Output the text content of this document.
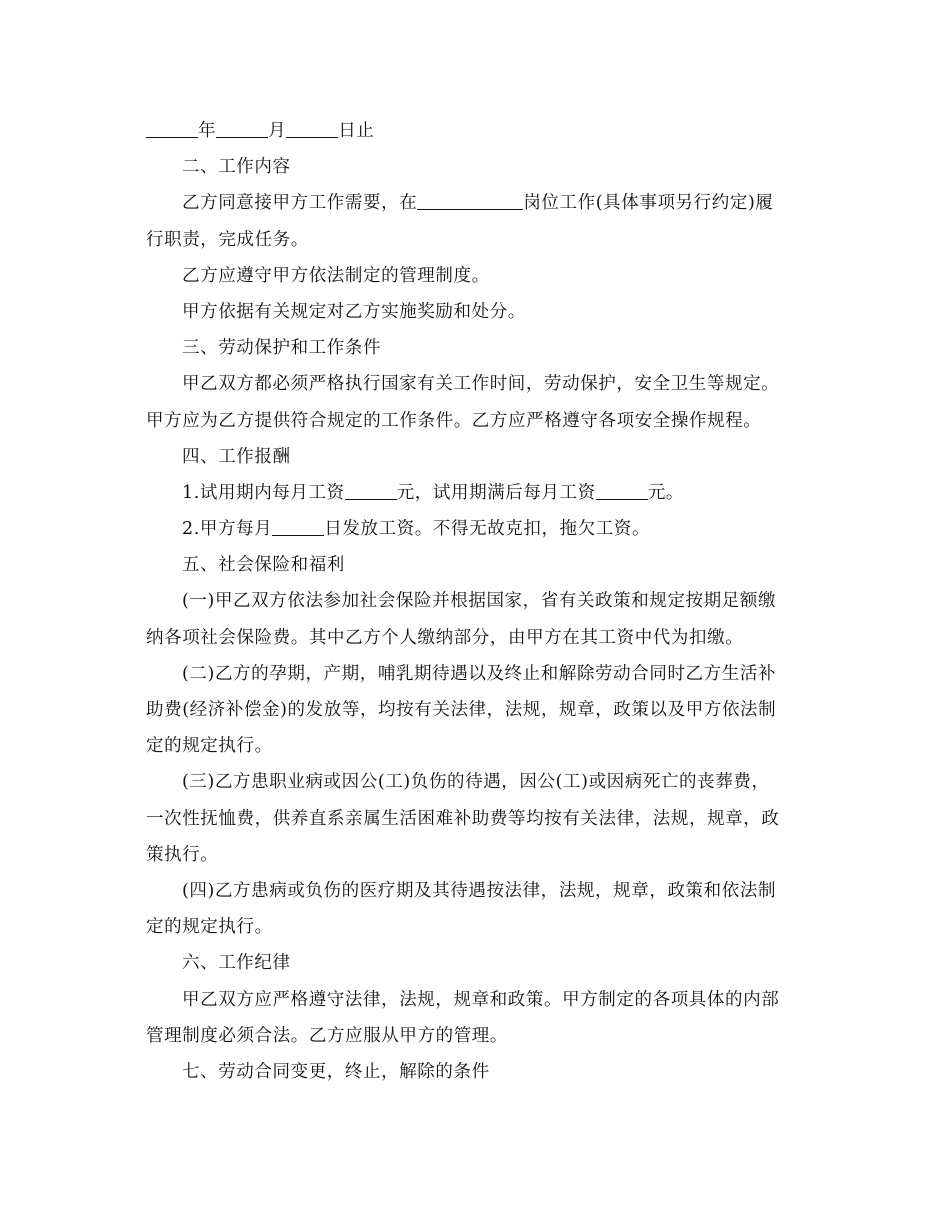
年	月	日止

二、工作内容

乙方同意接甲方工作需要，在	岗位工作(具体事项另行约定)履

行职责，完成任务。

乙方应遵守甲方依法制定的管理制度。

甲方依据有关规定对乙方实施奖励和处分。

三、劳动保护和工作条件

甲乙双方都必须严格执行国家有关工作时间，劳动保护，安全卫生等规定。

甲方应为乙方提供符合规定的工作条件。乙方应严格遵守各项安全操作规程。

四、工作报酬

1.试用期内每月工资	元，试用期满后每月工资	元。

2.甲方每月	日发放工资。不得无故克扣，拖欠工资。

五、社会保险和福利

(一)甲乙双方依法参加社会保险并根据国家，省有关政策和规定按期足额缴

纳各项社会保险费。其中乙方个人缴纳部分，由甲方在其工资中代为扣缴。

(二)乙方的孕期，产期，哺乳期待遇以及终止和解除劳动合同时乙方生活补

助费(经济补偿金)的发放等，均按有关法律，法规，规章，政策以及甲方依法制

定的规定执行。

(三)乙方患职业病或因公(工)负伤的待遇，因公(工)或因病死亡的丧葬费，

一次性抚恤费，供养直系亲属生活困难补助费等均按有关法律，法规，规章，政

策执行。

(四)乙方患病或负伤的医疗期及其待遇按法律，法规，规章，政策和依法制

定的规定执行。

六、工作纪律

甲乙双方应严格遵守法律，法规，规章和政策。甲方制定的各项具体的内部

管理制度必须合法。乙方应服从甲方的管理。

七、劳动合同变更，终止，解除的条件
